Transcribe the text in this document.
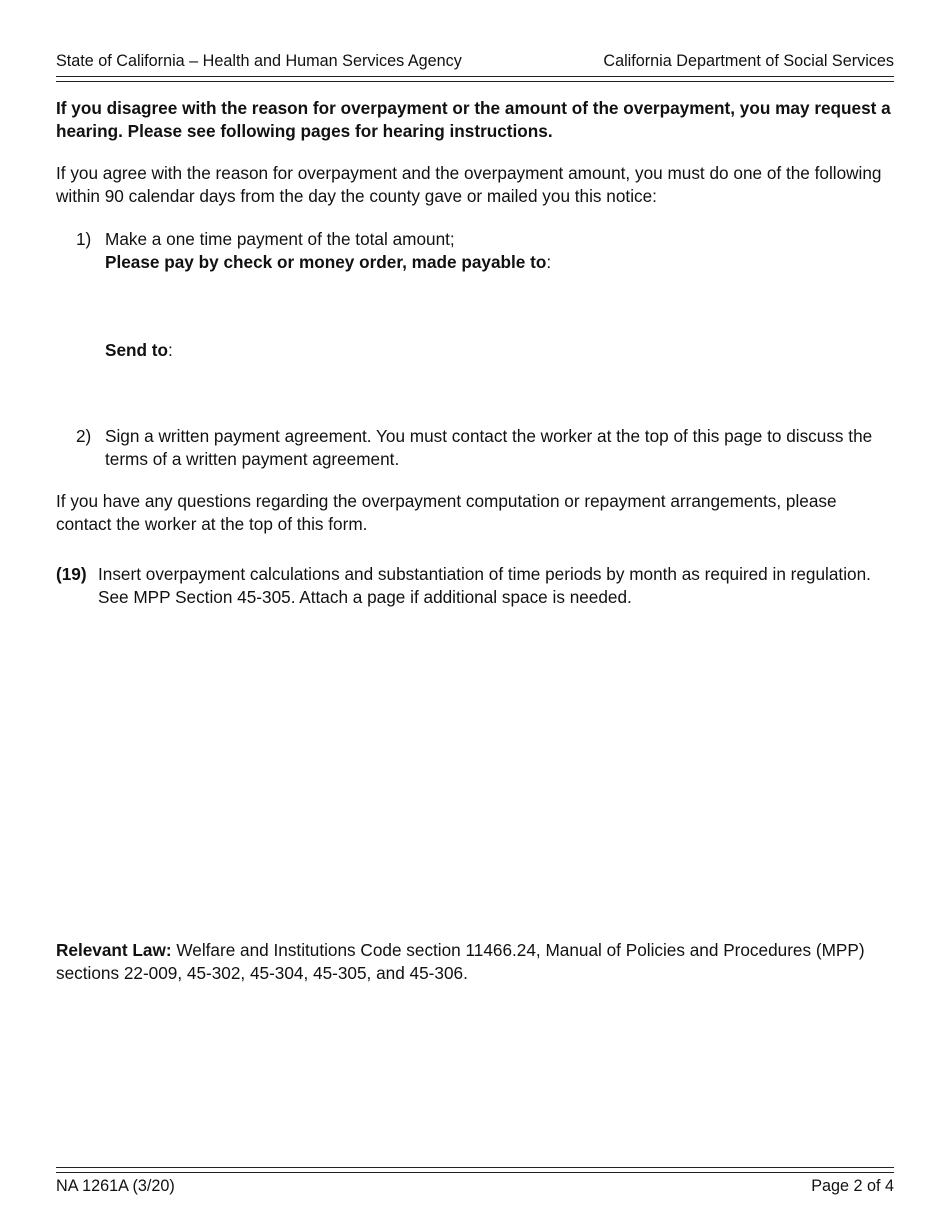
State of California – Health and Human Services Agency	California Department of Social Services

If you disagree with the reason for overpayment or the amount of the overpayment, you may request a hearing. Please see following pages for hearing instructions.

If you agree with the reason for overpayment and the overpayment amount, you must do one of the following within 90 calendar days from the day the county gave or mailed you this notice:

1) Make a one time payment of the total amount;
Please pay by check or money order, made payable to:
Send to:
2) Sign a written payment agreement. You must contact the worker at the top of this page to discuss the terms of a written payment agreement.

If you have any questions regarding the overpayment computation or repayment arrangements, please contact the worker at the top of this form.

(19) Insert overpayment calculations and substantiation of time periods by month as required in regulation. See MPP Section 45-305. Attach a page if additional space is needed.

Relevant Law: Welfare and Institutions Code section 11466.24, Manual of Policies and Procedures (MPP) sections 22-009, 45-302, 45-304, 45-305, and 45-306.

NA 1261A (3/20)	Page 2 of 4
